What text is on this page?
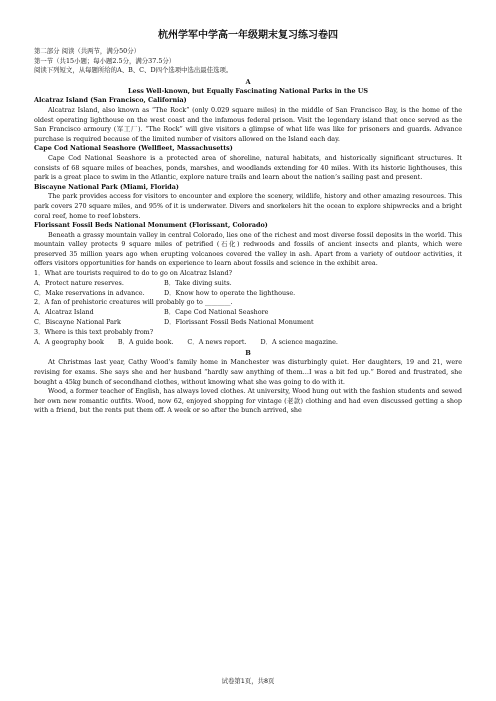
杭州学军中学高一年级期末复习练习卷四

第二部分 阅读（共两节，满分50分）

第一节（共15小题；每小题2.5分，满分37.5分）

阅读下列短文，从每题所给的A、B、C、D四个选项中选出最佳选项。

A

Less Well-known, but Equally Fascinating National Parks in the US

Alcatraz Island (San Francisco, California)

Alcatraz Island, also known as “The Rock” (only 0.029 square miles) in the middle of San Francisco Bay, is the home of the oldest operating lighthouse on the west coast and the infamous federal prison. Visit the legendary island that once served as the San Francisco armoury (军工厂). “The Rock” will give visitors a glimpse of what life was like for prisoners and guards. Advance purchase is required because of the limited number of visitors allowed on the Island each day.

Cape Cod National Seashore (Wellfleet, Massachusetts)

Cape Cod National Seashore is a protected area of shoreline, natural habitats, and historically significant structures. It consists of 68 square miles of beaches, ponds, marshes, and woodlands extending for 40 miles. With its historic lighthouses, this park is a great place to swim in the Atlantic, explore nature trails and learn about the nation’s sailing past and present.

Biscayne National Park (Miami, Florida)

The park provides access for visitors to encounter and explore the scenery, wildlife, history and other amazing resources. This park covers 270 square miles, and 95% of it is underwater. Divers and snorkelers hit the ocean to explore shipwrecks and a bright coral reef, home to reef lobsters.

Florissant Fossil Beds National Monument (Florissant, Colorado)

Beneath a grassy mountain valley in central Colorado, lies one of the richest and most diverse fossil deposits in the world. This mountain valley protects 9 square miles of petrified (石化) redwoods and fossils of ancient insects and plants, which were preserved 35 million years ago when erupting volcanoes covered the valley in ash. Apart from a variety of outdoor activities, it offers visitors opportunities for hands on experience to learn about fossils and science in the exhibit area.

1．What are tourists required to do to go on Alcatraz Island?

A．Protect nature reserves.	B．Take diving suits.
C．Make reservations in advance.	D．Know how to operate the lighthouse.

2．A fan of prehistoric creatures will probably go to ________.

A．Alcatraz Island	B．Cape Cod National Seashore
C．Biscayne National Park	D．Florissant Fossil Beds National Monument

3．Where is this text probably from?

A．A geography book B．A guide book. C．A news report. D．A science magazine.

B

At Christmas last year, Cathy Wood’s family home in Manchester was disturbingly quiet. Her daughters, 19 and 21, were revising for exams. She says she and her husband “hardly saw anything of them…I was a bit fed up.” Bored and frustrated, she bought a 45kg bunch of secondhand clothes, without knowing what she was going to do with it.

Wood, a former teacher of English, has always loved clothes. At university, Wood hung out with the fashion students and sewed her own new romantic outfits. Wood, now 62, enjoyed shopping for vintage (老款) clothing and had even discussed getting a shop with a friend, but the rents put them off. A week or so after the bunch arrived, she

试卷第1页，共8页
